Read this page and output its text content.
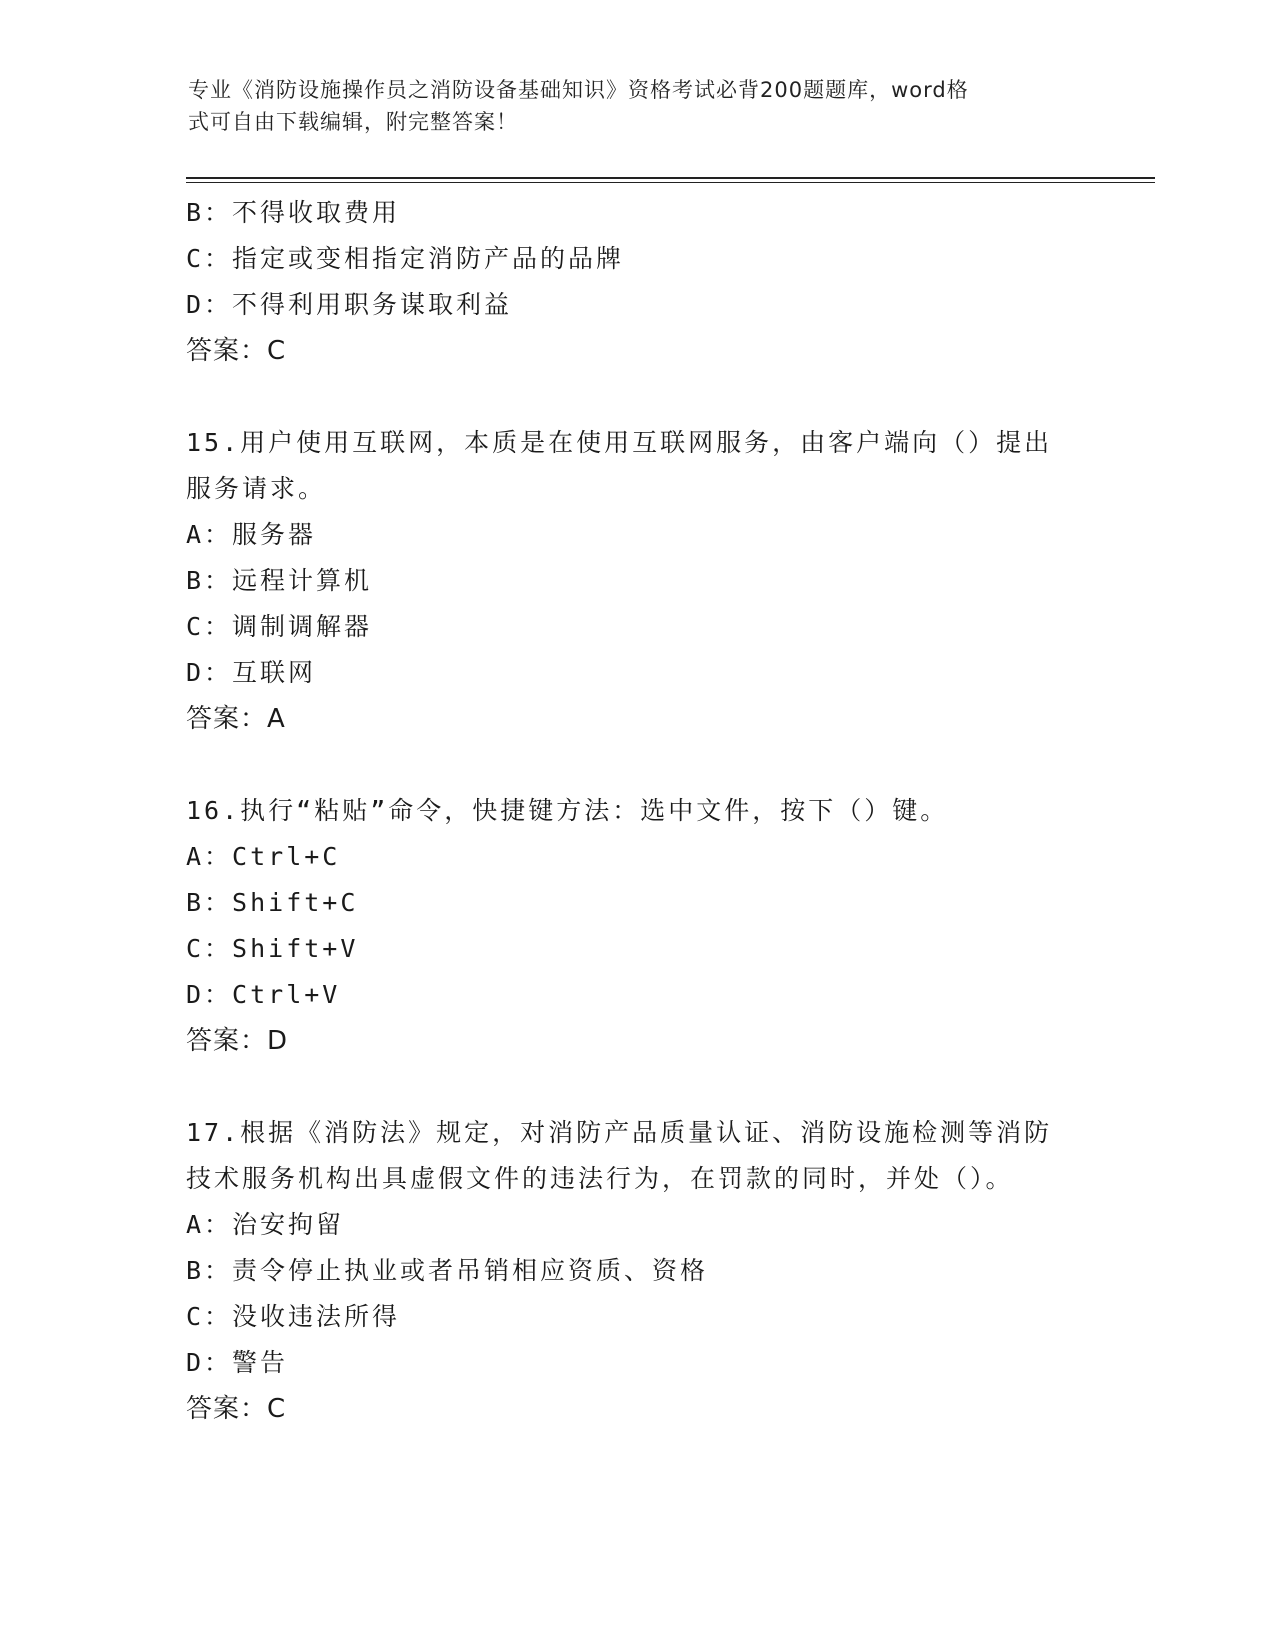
专业《消防设施操作员之消防设备基础知识》资格考试必背200题题库，word格
式可自由下载编辑，附完整答案！
B：不得收取费用
C：指定或变相指定消防产品的品牌
D：不得利用职务谋取利益
答案：C
15.用户使用互联网，本质是在使用互联网服务，由客户端向（）提出
服务请求。
A：服务器
B：远程计算机
C：调制调解器
D：互联网
答案：A
16.执行“粘贴”命令，快捷键方法：选中文件，按下（）键。
A：Ctrl+C
B：Shift+C
C：Shift+V
D：Ctrl+V
答案：D
17.根据《消防法》规定，对消防产品质量认证、消防设施检测等消防
技术服务机构出具虚假文件的违法行为，在罚款的同时，并处（）。
A：治安拘留
B：责令停止执业或者吊销相应资质、资格
C：没收违法所得
D：警告
答案：C
